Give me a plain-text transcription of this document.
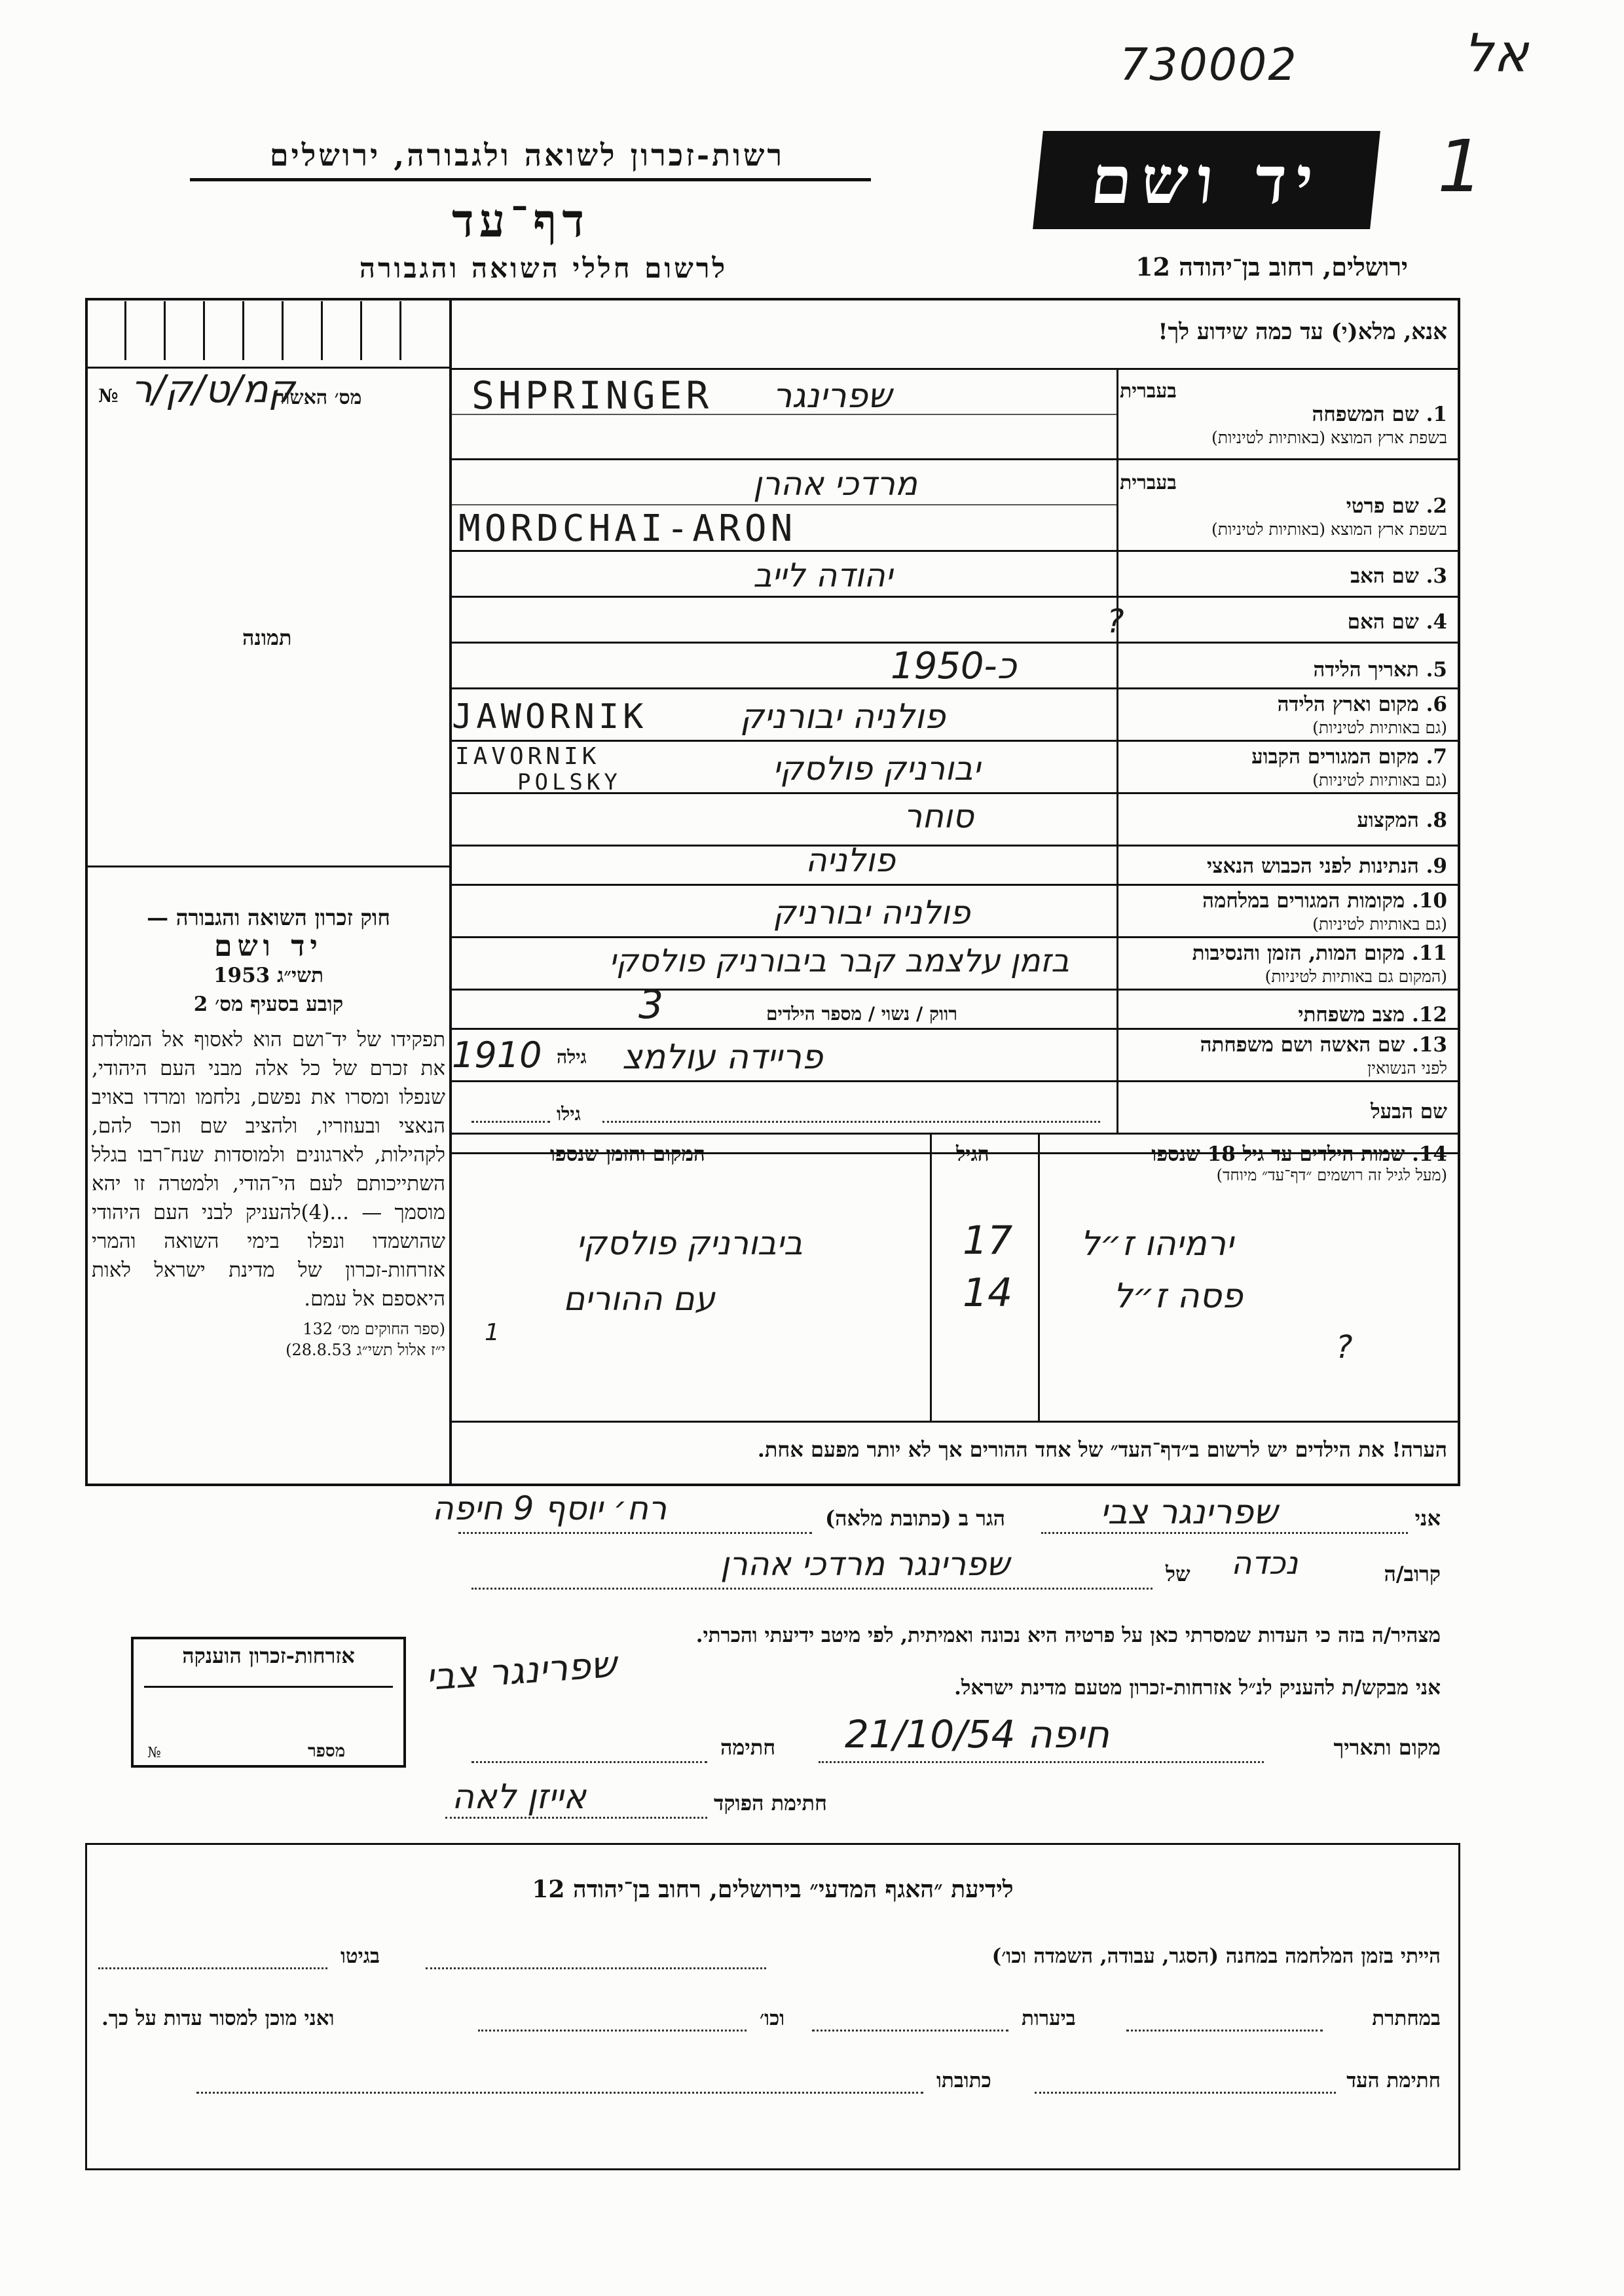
730002	אל
1
רשות-זכרון לשואה ולגבורה, ירושלים
דף־עד
לרשום חללי השואה והגבורה
יד ושם
ירושלים, רחוב בן־יהודה 12
אנא, מלא(י) עד כמה שידוע לך!
מס׳ האשור
№ קמ/ט/ק/ר
תמונה
חוק זכרון השואה והגבורה —
יד ושם
תשי״ג 1953
קובע בסעיף מס׳ 2
תפקידו של יד־ושם הוא לאסוף אל המולדת את זכרם של כל אלה מבני העם היהודי, שנפלו ומסרו את נפשם, נלחמו ומרדו באויב הנאצי ובעוזריו, ולהציב שם וזכר להם, לקהילות, לארגונים ולמוסדות שנח־רבו בגלל השתייכותם לעם הי־הודי, ולמטרה זו יהא מוסמך — ...(4)להעניק לבני העם היהודי שהושמדו ונפלו בימי השואה והמרי אזרחות-זכרון של מדינת ישראל לאות היאספם אל עמם.
(ספר החוקים מס׳ 132
י״ז אלול תשי״ג 28.8.53)
1. שם המשפחה
בשפת ארץ המוצא (באותיות לטיניות)
בעברית
שפרינגר
SHPRINGER
2. שם פרטי
בשפת ארץ המוצא (באותיות לטיניות)
בעברית
מרדכי אהרן
MORDCHAI-ARON
3. שם האב
יהודה לייב
4. שם האם
?
5. תאריך הלידה
כ-1950
6. מקום וארץ הלידה
(גם באותיות לטיניות)
פולניה יבורניק
JAWORNIK
7. מקום המגורים הקבוע
(גם באותיות לטיניות)
יבורניק פולסקי
IAVORNIK
POLSKY
8. המקצוע
סוחר
9. הנתינות לפני הכבוש הנאצי
פולניה
10. מקומות המגורים במלחמה
(גם באותיות לטיניות)
פולניה יבורניק
11. מקום המות, הזמן והנסיבות
(המקום גם באותיות לטיניות)
בזמן עלצמב קבר ביבורניק פולסקי
12. מצב משפחתי
רווק / נשוי / מספר הילדים
3
13. שם האשה ושם משפחתה
לפני הנשואין
פריידה עולמצ
גילה
1910
שם הבעל
גילו
14. שמות הילדים עד גיל 18 שנספו
(מעל לגיל זה רושמים ״דף־עד״ מיוחד)
הגיל
המקום והזמן שנספו
ירמיהו ז״ל
17
ביבורניק פולסקי
פסה ז״ל
14
עם ההורים
?
1
הערה! את הילדים יש לרשום ב״דף־העד״ של אחד ההורים אך לא יותר מפעם אחת.
אני
שפרינגר צבי
הגר ב (כתובת מלאה)
רח׳ יוסף 9 חיפה
קרוב/ה
נכדה
של
שפרינגר מרדכי אהרן
מצהיר/ה בזה כי העדות שמסרתי כאן על פרטיה היא נכונה ואמיתית, לפי מיטב ידיעתי והכרתי.
אני מבקש/ת להעניק לנ״ל אזרחות-זכרון מטעם מדינת ישראל.
מקום ותאריך
חיפה 21/10/54
חתימה
שפרינגר צבי
חתימת הפוקד
אייזן לאה
אזרחות-זכרון הוענקה
מספר
№
לידיעת ״האגף המדעי״ בירושלים, רחוב בן־יהודה 12
הייתי בזמן המלחמה במחנה (הסגר, עבודה, השמדה וכו׳)
בגיטו
במחתרת
ביערות
וכו׳
ואני מוכן למסור עדות על כך.
חתימת העד
כתובתו
